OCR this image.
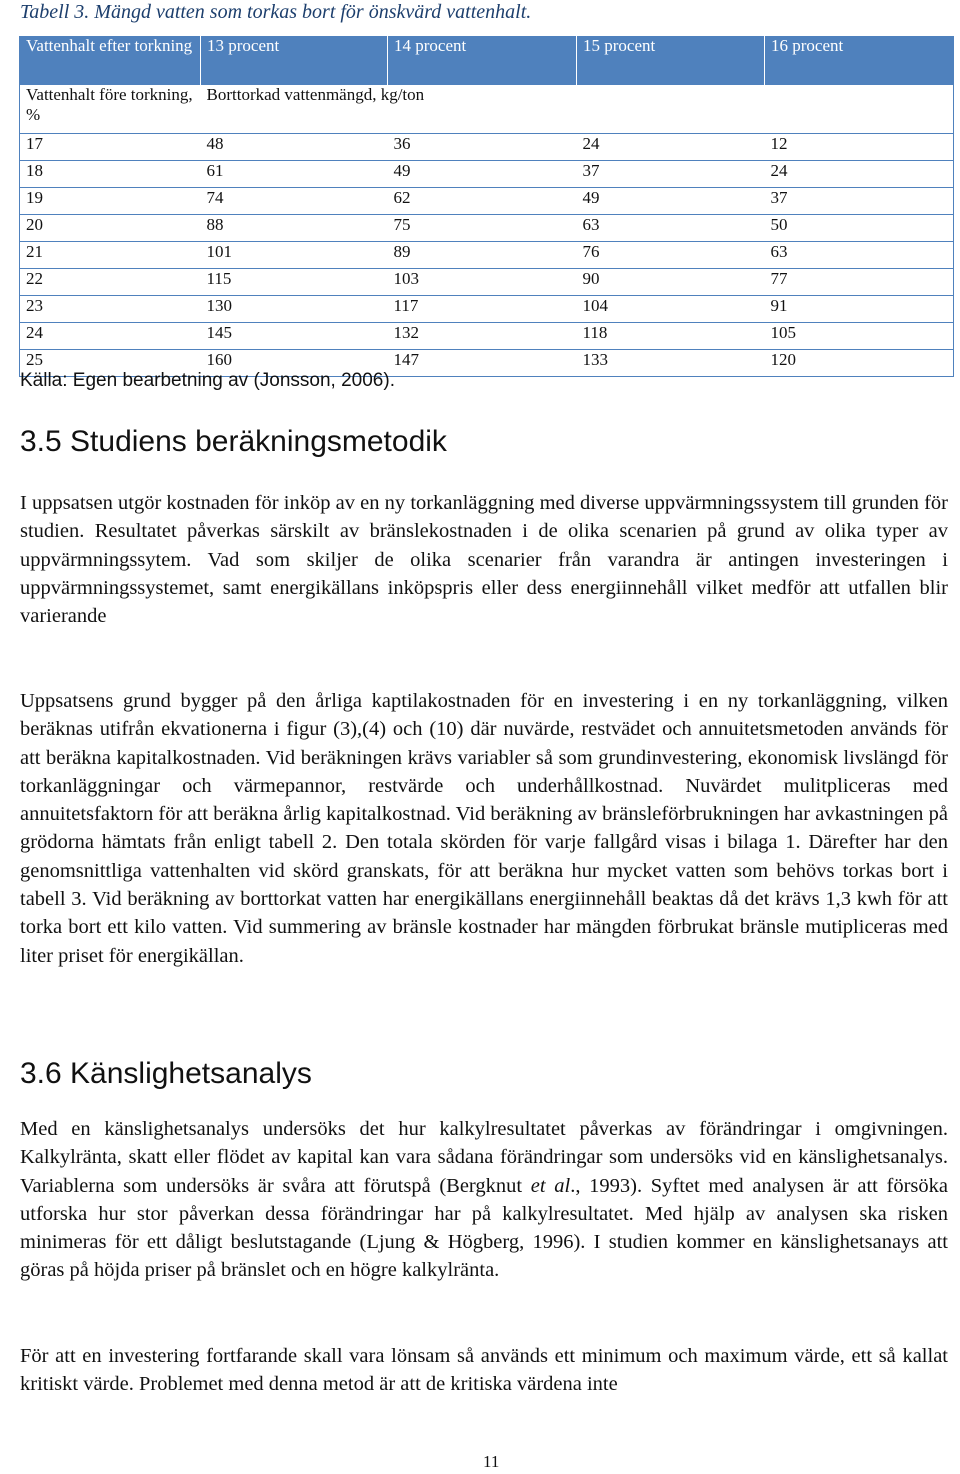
Tabell 3. Mängd vatten som torkas bort för önskvärd vattenhalt.
Vattenhalt efter torkning	13 procent	14 procent	15 procent	16 procent
Vattenhalt före torkning, %	Borttorkad vattenmängd, kg/ton			
17	48	36	24	12
18	61	49	37	24
19	74	62	49	37
20	88	75	63	50
21	101	89	76	63
22	115	103	90	77
23	130	117	104	91
24	145	132	118	105
25	160	147	133	120
Källa: Egen bearbetning av (Jonsson, 2006).
3.5 Studiens beräkningsmetodik

I uppsatsen utgör kostnaden för inköp av en ny torkanläggning med diverse uppvärmningssystem till grunden för studien. Resultatet påverkas särskilt av bränslekostnaden i de olika scenarien på grund av olika typer av uppvärmningssytem. Vad som skiljer de olika scenarier från varandra är antingen investeringen i uppvärmningssystemet, samt energikällans inköpspris eller dess energiinnehåll vilket medför att utfallen blir varierande

Uppsatsens grund bygger på den årliga kaptilakostnaden för en investering i en ny torkanläggning, vilken beräknas utifrån ekvationerna i figur (3),(4) och (10) där nuvärde, restvädet och annuitetsmetoden används för att beräkna kapitalkostnaden. Vid beräkningen krävs variabler så som grundinvestering, ekonomisk livslängd för torkanläggningar och värmepannor, restvärde och underhållkostnad. Nuvärdet mulitpliceras med annuitetsfaktorn för att beräkna årlig kapitalkostnad. Vid beräkning av bränsleförbrukningen har avkastningen på grödorna hämtats från enligt tabell 2. Den totala skörden för varje fallgård visas i bilaga 1. Därefter har den genomsnittliga vattenhalten vid skörd granskats, för att beräkna hur mycket vatten som behövs torkas bort i tabell 3. Vid beräkning av borttorkat vatten har energikällans energiinnehåll beaktas då det krävs 1,3 kwh för att torka bort ett kilo vatten. Vid summering av bränsle kostnader har mängden förbrukat bränsle mutipliceras med liter priset för energikällan.

3.6 Känslighetsanalys

Med en känslighetsanalys undersöks det hur kalkylresultatet påverkas av förändringar i omgivningen. Kalkylränta, skatt eller flödet av kapital kan vara sådana förändringar som undersöks vid en känslighetsanalys. Variablerna som undersöks är svåra att förutspå (Bergknut et al., 1993). Syftet med analysen är att försöka utforska hur stor påverkan dessa förändringar har på kalkylresultatet. Med hjälp av analysen ska risken minimeras för ett dåligt beslutstagande (Ljung & Högberg, 1996). I studien kommer en känslighetsanays att göras på höjda priser på bränslet och en högre kalkylränta.

För att en investering fortfarande skall vara lönsam så används ett minimum och maximum värde, ett så kallat kritiskt värde. Problemet med denna metod är att de kritiska värdena inte

11
